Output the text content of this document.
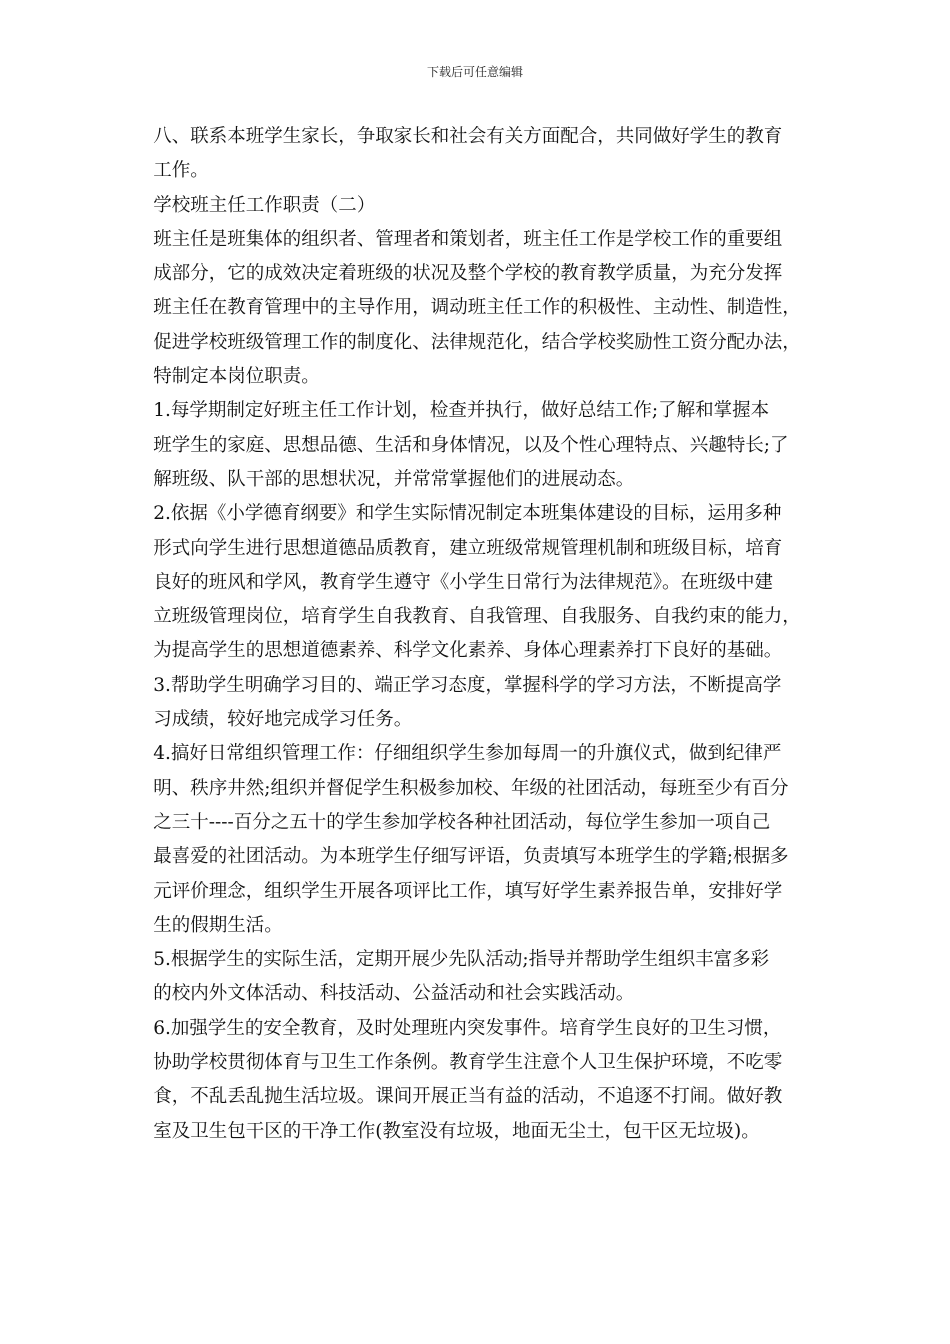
下载后可任意编辑
八、联系本班学生家长，争取家长和社会有关方面配合，共同做好学生的教育
工作。
学校班主任工作职责（二）
班主任是班集体的组织者、管理者和策划者，班主任工作是学校工作的重要组
成部分，它的成效决定着班级的状况及整个学校的教育教学质量，为充分发挥
班主任在教育管理中的主导作用，调动班主任工作的积极性、主动性、制造性，
促进学校班级管理工作的制度化、法律规范化，结合学校奖励性工资分配办法，
特制定本岗位职责。
1.每学期制定好班主任工作计划，检查并执行，做好总结工作;了解和掌握本
班学生的家庭、思想品德、生活和身体情况，以及个性心理特点、兴趣特长;了
解班级、队干部的思想状况，并常常掌握他们的进展动态。
2.依据《小学德育纲要》和学生实际情况制定本班集体建设的目标，运用多种
形式向学生进行思想道德品质教育，建立班级常规管理机制和班级目标，培育
良好的班风和学风，教育学生遵守《小学生日常行为法律规范》。在班级中建
立班级管理岗位，培育学生自我教育、自我管理、自我服务、自我约束的能力，
为提高学生的思想道德素养、科学文化素养、身体心理素养打下良好的基础。
3.帮助学生明确学习目的、端正学习态度，掌握科学的学习方法，不断提高学
习成绩，较好地完成学习任务。
4.搞好日常组织管理工作：仔细组织学生参加每周一的升旗仪式，做到纪律严
明、秩序井然;组织并督促学生积极参加校、年级的社团活动，每班至少有百分
之三十----百分之五十的学生参加学校各种社团活动，每位学生参加一项自己
最喜爱的社团活动。为本班学生仔细写评语，负责填写本班学生的学籍;根据多
元评价理念，组织学生开展各项评比工作，填写好学生素养报告单，安排好学
生的假期生活。
5.根据学生的实际生活，定期开展少先队活动;指导并帮助学生组织丰富多彩
的校内外文体活动、科技活动、公益活动和社会实践活动。
6.加强学生的安全教育，及时处理班内突发事件。培育学生良好的卫生习惯，
协助学校贯彻体育与卫生工作条例。教育学生注意个人卫生保护环境，不吃零
食，不乱丢乱抛生活垃圾。课间开展正当有益的活动，不追逐不打闹。做好教
室及卫生包干区的干净工作(教室没有垃圾，地面无尘土，包干区无垃圾)。
